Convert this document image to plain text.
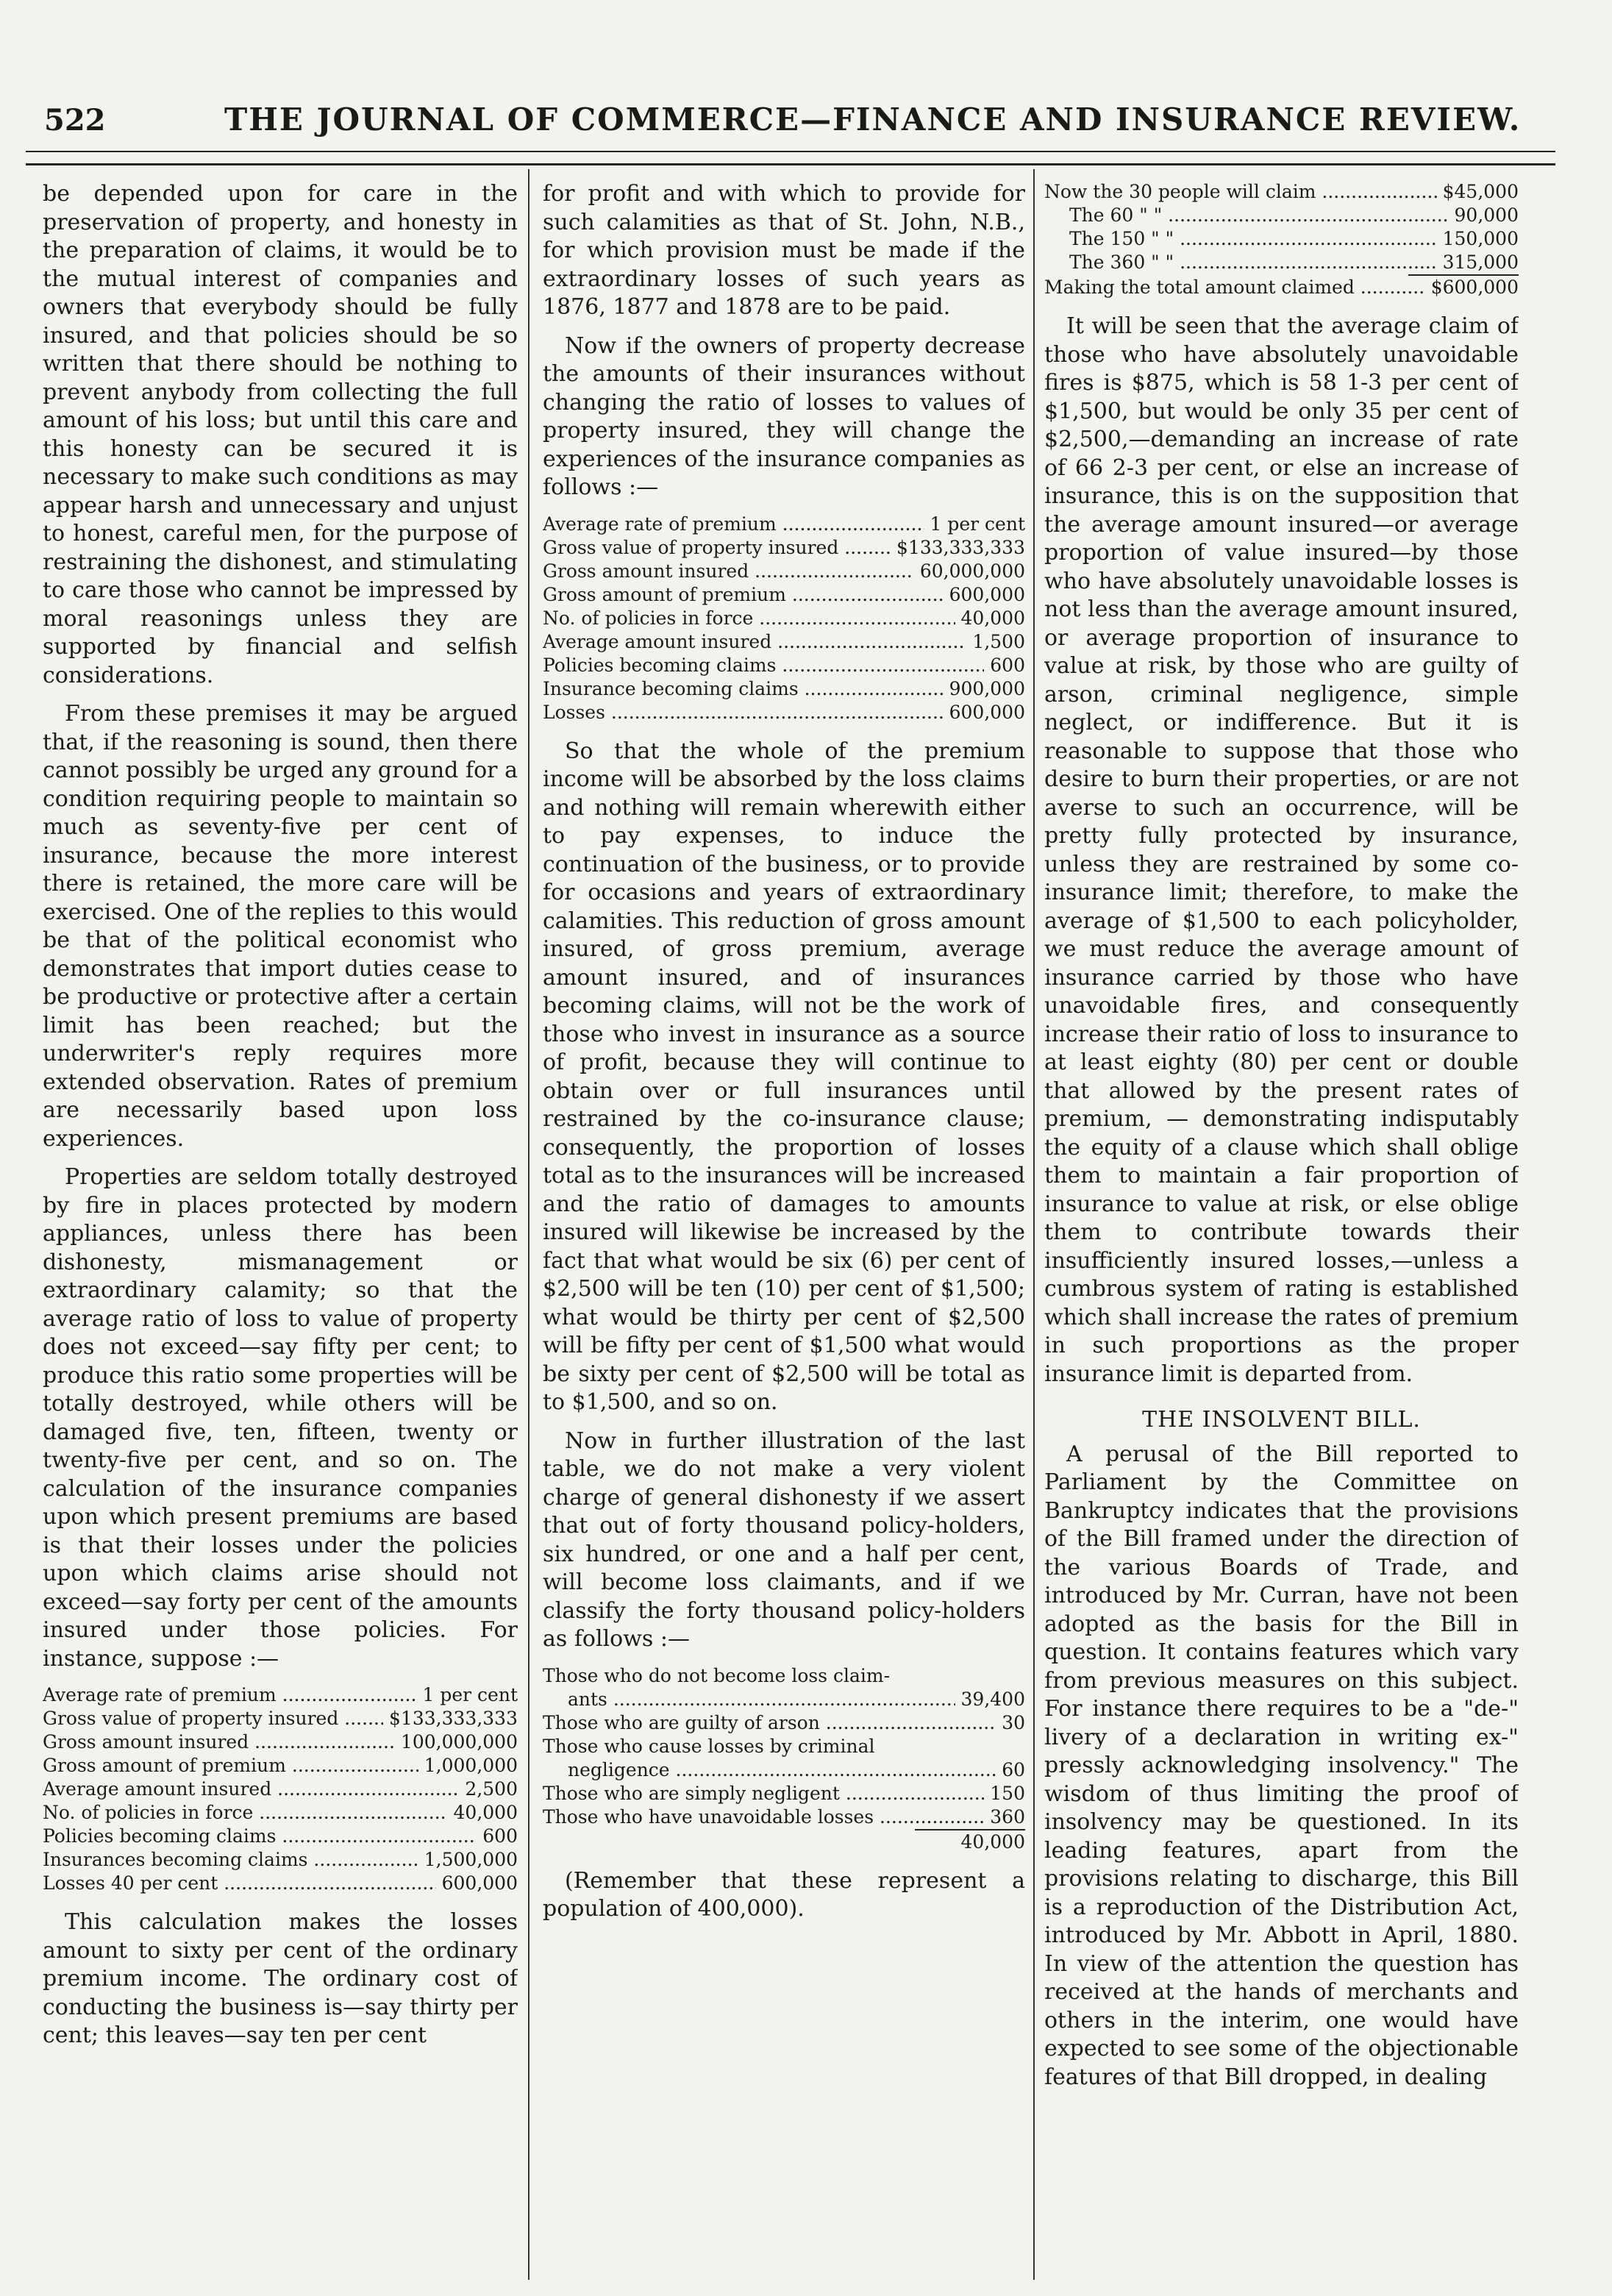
522	THE JOURNAL OF COMMERCE—FINANCE AND INSURANCE REVIEW.

be depended upon for care in the preservation of property, and honesty in the preparation of claims, it would be to the mutual interest of companies and owners that everybody should be fully insured, and that policies should be so written that there should be nothing to prevent anybody from collecting the full amount of his loss; but until this care and this honesty can be secured it is necessary to make such conditions as may appear harsh and unnecessary and unjust to honest, careful men, for the purpose of restraining the dishonest, and stimulating to care those who cannot be impressed by moral reasonings unless they are supported by financial and selfish considerations.

From these premises it may be argued that, if the reasoning is sound, then there cannot possibly be urged any ground for a condition requiring people to maintain so much as seventy-five per cent of insurance, because the more interest there is retained, the more care will be exercised. One of the replies to this would be that of the political economist who demonstrates that import duties cease to be productive or protective after a certain limit has been reached; but the underwriter's reply requires more extended observation. Rates of premium are necessarily based upon loss experiences.

Properties are seldom totally destroyed by fire in places protected by modern appliances, unless there has been dishonesty, mismanagement or extraordinary calamity; so that the average ratio of loss to value of property does not exceed—say fifty per cent; to produce this ratio some properties will be totally destroyed, while others will be damaged five, ten, fifteen, twenty or twenty-five per cent, and so on. The calculation of the insurance companies upon which present premiums are based is that their losses under the policies upon which claims arise should not exceed—say forty per cent of the amounts insured under those policies. For instance, suppose :—

Average rate of premium .....	1 per cent
Gross value of property insured .....	$133,333,333
Gross amount insured .....	100,000,000
Gross amount of premium .....	1,000,000
Average amount insured .....	2,500
No. of policies in force .....	40,000
Policies becoming claims .....	600
Insurances becoming claims .....	1,500,000
Losses 40 per cent .....	600,000

This calculation makes the losses amount to sixty per cent of the ordinary premium income. The ordinary cost of conducting the business is—say thirty per cent; this leaves—say ten per cent

for profit and with which to provide for such calamities as that of St. John, N.B., for which provision must be made if the extraordinary losses of such years as 1876, 1877 and 1878 are to be paid.

Now if the owners of property decrease the amounts of their insurances without changing the ratio of losses to values of property insured, they will change the experiences of the insurance companies as follows :—

Average rate of premium .....	1 per cent
Gross value of property insured .....	$133,333,333
Gross amount insured .....	60,000,000
Gross amount of premium .....	600,000
No. of policies in force .....	40,000
Average amount insured .....	1,500
Policies becoming claims .....	600
Insurance becoming claims .....	900,000
Losses .....	600,000

So that the whole of the premium income will be absorbed by the loss claims and nothing will remain wherewith either to pay expenses, to induce the continuation of the business, or to provide for occasions and years of extraordinary calamities. This reduction of gross amount insured, of gross premium, average amount insured, and of insurances becoming claims, will not be the work of those who invest in insurance as a source of profit, because they will continue to obtain over or full insurances until restrained by the co-insurance clause; consequently, the proportion of losses total as to the insurances will be increased and the ratio of damages to amounts insured will likewise be increased by the fact that what would be six (6) per cent of $2,500 will be ten (10) per cent of $1,500; what would be thirty per cent of $2,500 will be fifty per cent of $1,500 what would be sixty per cent of $2,500 will be total as to $1,500, and so on.

Now in further illustration of the last table, we do not make a very violent charge of general dishonesty if we assert that out of forty thousand policy-holders, six hundred, or one and a half per cent, will become loss claimants, and if we classify the forty thousand policy-holders as follows :—

Those who do not become loss claim-
ants .....	39,400
Those who are guilty of arson .....	30
Those who cause losses by criminal
negligence .....	60
Those who are simply negligent .....	150
Those who have unavoidable losses .....	360
40,000

(Remember that these represent a population of 400,000).

Now the 30 people will claim .....	$45,000
The 60 " " .....	90,000
The 150 " " .....	150,000
The 360 " " .....	315,000
Making the total amount claimed .....	$600,000

It will be seen that the average claim of those who have absolutely unavoidable fires is $875, which is 58 1-3 per cent of $1,500, but would be only 35 per cent of $2,500,—demanding an increase of rate of 66 2-3 per cent, or else an increase of insurance, this is on the supposition that the average amount insured—or average proportion of value insured—by those who have absolutely unavoidable losses is not less than the average amount insured, or average proportion of insurance to value at risk, by those who are guilty of arson, criminal negligence, simple neglect, or indifference. But it is reasonable to suppose that those who desire to burn their properties, or are not averse to such an occurrence, will be pretty fully protected by insurance, unless they are restrained by some co-insurance limit; therefore, to make the average of $1,500 to each policyholder, we must reduce the average amount of insurance carried by those who have unavoidable fires, and consequently increase their ratio of loss to insurance to at least eighty (80) per cent or double that allowed by the present rates of premium, — demonstrating indisputably the equity of a clause which shall oblige them to maintain a fair proportion of insurance to value at risk, or else oblige them to contribute towards their insufficiently insured losses,—unless a cumbrous system of rating is established which shall increase the rates of premium in such proportions as the proper insurance limit is departed from.

THE INSOLVENT BILL.

A perusal of the Bill reported to Parliament by the Committee on Bankruptcy indicates that the provisions of the Bill framed under the direction of the various Boards of Trade, and introduced by Mr. Curran, have not been adopted as the basis for the Bill in question. It contains features which vary from previous measures on this subject. For instance there requires to be a "de-" livery of a declaration in writing ex-" pressly acknowledging insolvency." The wisdom of thus limiting the proof of insolvency may be questioned. In its leading features, apart from the provisions relating to discharge, this Bill is a reproduction of the Distribution Act, introduced by Mr. Abbott in April, 1880. In view of the attention the question has received at the hands of merchants and others in the interim, one would have expected to see some of the objectionable features of that Bill dropped, in dealing
